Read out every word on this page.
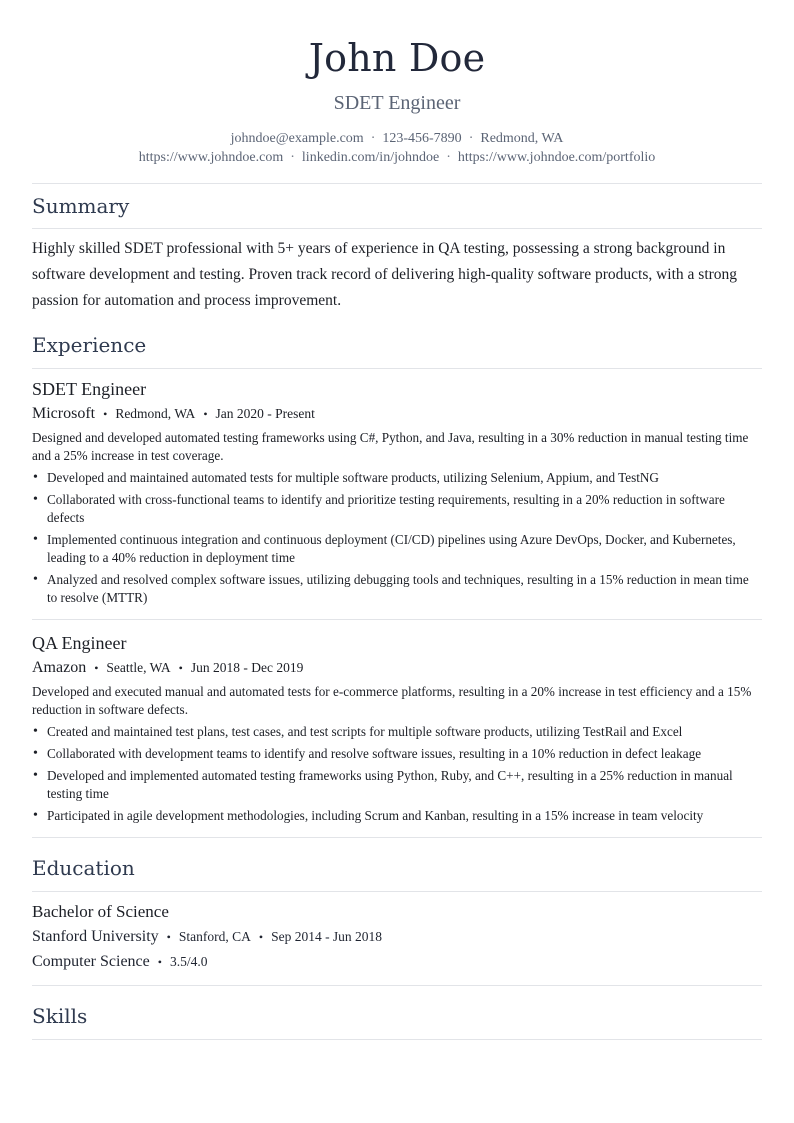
John Doe
SDET Engineer
johndoe@example.com · 123-456-7890 · Redmond, WA
https://www.johndoe.com · linkedin.com/in/johndoe · https://www.johndoe.com/portfolio
Summary
Highly skilled SDET professional with 5+ years of experience in QA testing, possessing a strong background in software development and testing. Proven track record of delivering high-quality software products, with a strong passion for automation and process improvement.
Experience
SDET Engineer
Microsoft • Redmond, WA • Jan 2020 - Present
Designed and developed automated testing frameworks using C#, Python, and Java, resulting in a 30% reduction in manual testing time and a 25% increase in test coverage.
• Developed and maintained automated tests for multiple software products, utilizing Selenium, Appium, and TestNG
• Collaborated with cross-functional teams to identify and prioritize testing requirements, resulting in a 20% reduction in software defects
• Implemented continuous integration and continuous deployment (CI/CD) pipelines using Azure DevOps, Docker, and Kubernetes, leading to a 40% reduction in deployment time
• Analyzed and resolved complex software issues, utilizing debugging tools and techniques, resulting in a 15% reduction in mean time to resolve (MTTR)
QA Engineer
Amazon • Seattle, WA • Jun 2018 - Dec 2019
Developed and executed manual and automated tests for e-commerce platforms, resulting in a 20% increase in test efficiency and a 15% reduction in software defects.
• Created and maintained test plans, test cases, and test scripts for multiple software products, utilizing TestRail and Excel
• Collaborated with development teams to identify and resolve software issues, resulting in a 10% reduction in defect leakage
• Developed and implemented automated testing frameworks using Python, Ruby, and C++, resulting in a 25% reduction in manual testing time
• Participated in agile development methodologies, including Scrum and Kanban, resulting in a 15% increase in team velocity
Education
Bachelor of Science
Stanford University • Stanford, CA • Sep 2014 - Jun 2018
Computer Science • 3.5/4.0
Skills
